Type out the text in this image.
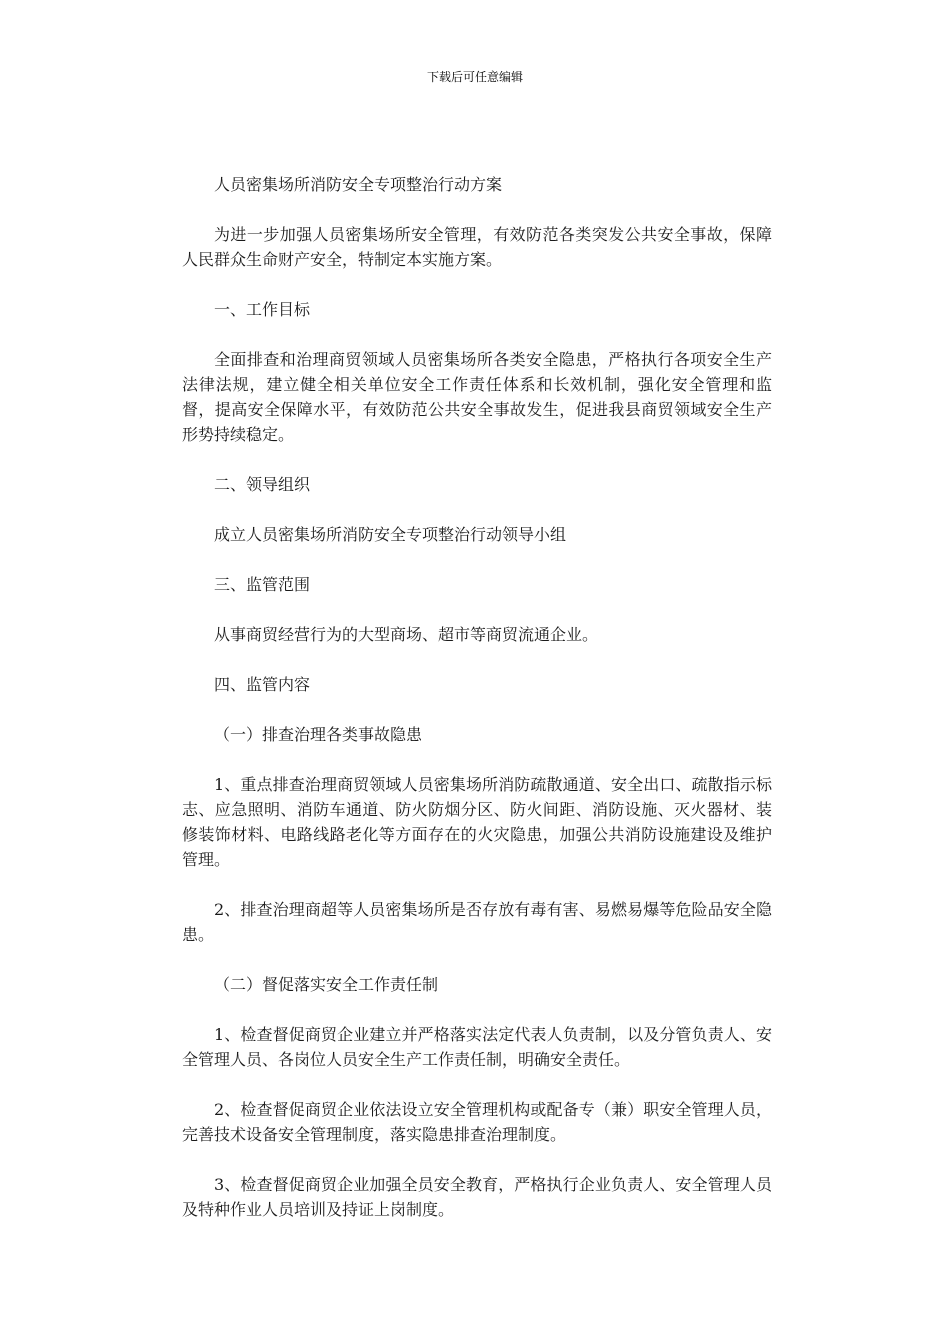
下载后可任意编辑

人员密集场所消防安全专项整治行动方案

为进一步加强人员密集场所安全管理，有效防范各类突发公共安全事故，保障人民群众生命财产安全，特制定本实施方案。

一、工作目标

全面排查和治理商贸领域人员密集场所各类安全隐患，严格执行各项安全生产法律法规，建立健全相关单位安全工作责任体系和长效机制，强化安全管理和监督，提高安全保障水平，有效防范公共安全事故发生，促进我县商贸领域安全生产形势持续稳定。

二、领导组织

成立人员密集场所消防安全专项整治行动领导小组

三、监管范围

从事商贸经营行为的大型商场、超市等商贸流通企业。

四、监管内容

（一）排查治理各类事故隐患

1、重点排查治理商贸领域人员密集场所消防疏散通道、安全出口、疏散指示标志、应急照明、消防车通道、防火防烟分区、防火间距、消防设施、灭火器材、装修装饰材料、电路线路老化等方面存在的火灾隐患，加强公共消防设施建设及维护管理。

2、排查治理商超等人员密集场所是否存放有毒有害、易燃易爆等危险品安全隐患。

（二）督促落实安全工作责任制

1、检查督促商贸企业建立并严格落实法定代表人负责制，以及分管负责人、安全管理人员、各岗位人员安全生产工作责任制，明确安全责任。

2、检查督促商贸企业依法设立安全管理机构或配备专（兼）职安全管理人员，完善技术设备安全管理制度，落实隐患排查治理制度。

3、检查督促商贸企业加强全员安全教育，严格执行企业负责人、安全管理人员及特种作业人员培训及持证上岗制度。
